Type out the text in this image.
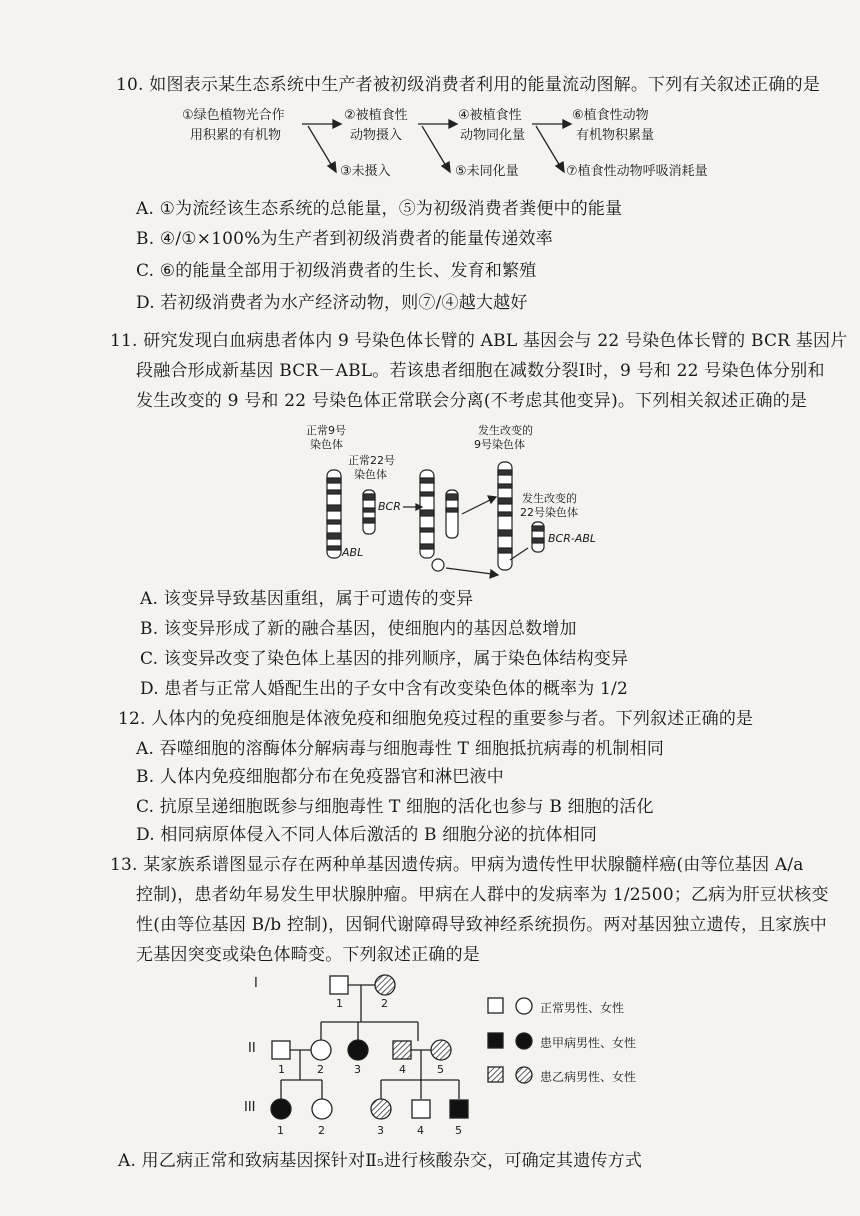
10. 如图表示某生态系统中生产者被初级消费者利用的能量流动图解。下列有关叙述正确的是
①绿色植物光合作
用积累的有机物
②被植食性
动物摄入
③未摄入
④被植食性
动物同化量
⑤未同化量
⑥植食性动物
有机物积累量
⑦植食性动物呼吸消耗量
A. ①为流经该生态系统的总能量，⑤为初级消费者粪便中的能量
B. ④/①×100%为生产者到初级消费者的能量传递效率
C. ⑥的能量全部用于初级消费者的生长、发育和繁殖
D. 若初级消费者为水产经济动物，则⑦/④越大越好
11. 研究发现白血病患者体内 9 号染色体长臂的 ABL 基因会与 22 号染色体长臂的 BCR 基因片
段融合形成新基因 BCR－ABL。若该患者细胞在减数分裂Ⅰ时，9 号和 22 号染色体分别和
发生改变的 9 号和 22 号染色体正常联会分离(不考虑其他变异)。下列相关叙述正确的是
正常9号
染色体
正常22号
染色体
发生改变的
9号染色体
发生改变的
22号染色体
BCR
ABL
BCR-ABL
A. 该变异导致基因重组，属于可遗传的变异
B. 该变异形成了新的融合基因，使细胞内的基因总数增加
C. 该变异改变了染色体上基因的排列顺序，属于染色体结构变异
D. 患者与正常人婚配生出的子女中含有改变染色体的概率为 1/2
12. 人体内的免疫细胞是体液免疫和细胞免疫过程的重要参与者。下列叙述正确的是
A. 吞噬细胞的溶酶体分解病毒与细胞毒性 T 细胞抵抗病毒的机制相同
B. 人体内免疫细胞都分布在免疫器官和淋巴液中
C. 抗原呈递细胞既参与细胞毒性 T 细胞的活化也参与 B 细胞的活化
D. 相同病原体侵入不同人体后激活的 B 细胞分泌的抗体相同
13. 某家族系谱图显示存在两种单基因遗传病。甲病为遗传性甲状腺髓样癌(由等位基因 A/a
控制)，患者幼年易发生甲状腺肿瘤。甲病在人群中的发病率为 1/2500；乙病为肝豆状核变
性(由等位基因 B/b 控制)，因铜代谢障碍导致神经系统损伤。两对基因独立遗传，且家族中
无基因突变或染色体畸变。下列叙述正确的是
I
II
III
1	2
1	2	3	4	5
1	2	3	4	5
正常男性、女性
患甲病男性、女性
患乙病男性、女性
A. 用乙病正常和致病基因探针对Ⅱ₅进行核酸杂交，可确定其遗传方式
